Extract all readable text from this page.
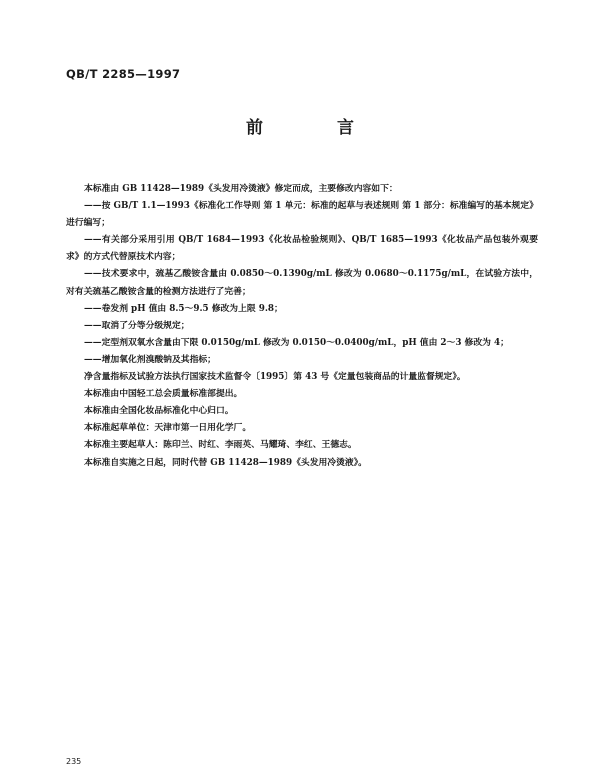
QB/T 2285—1997
前 言

本标准由 GB 11428—1989《头发用冷烫液》修定而成，主要修改内容如下：

——按 GB/T 1.1—1993《标准化工作导则 第 1 单元：标准的起草与表述规则 第 1 部分：标准编写的基本规定》进行编写；

——有关部分采用引用 QB/T 1684—1993《化妆品检验规则》、QB/T 1685—1993《化妆品产品包装外观要求》的方式代替原技术内容；

——技术要求中，巯基乙酸铵含量由 0.0850～0.1390g/mL 修改为 0.0680～0.1175g/mL，在试验方法中，对有关巯基乙酸铵含量的检测方法进行了完善；

——卷发剂 pH 值由 8.5～9.5 修改为上限 9.8；

——取消了分等分级规定；

——定型剂双氧水含量由下限 0.0150g/mL 修改为 0.0150～0.0400g/mL，pH 值由 2～3 修改为 4；

——增加氧化剂溴酸钠及其指标；

净含量指标及试验方法执行国家技术监督令〔1995〕第 43 号《定量包装商品的计量监督规定》。

本标准由中国轻工总会质量标准部提出。

本标准由全国化妆品标准化中心归口。

本标准起草单位：天津市第一日用化学厂。

本标准主要起草人：陈印兰、时红、李雨英、马耀琦、李红、王德志。

本标准自实施之日起，同时代替 GB 11428—1989《头发用冷烫液》。

235
